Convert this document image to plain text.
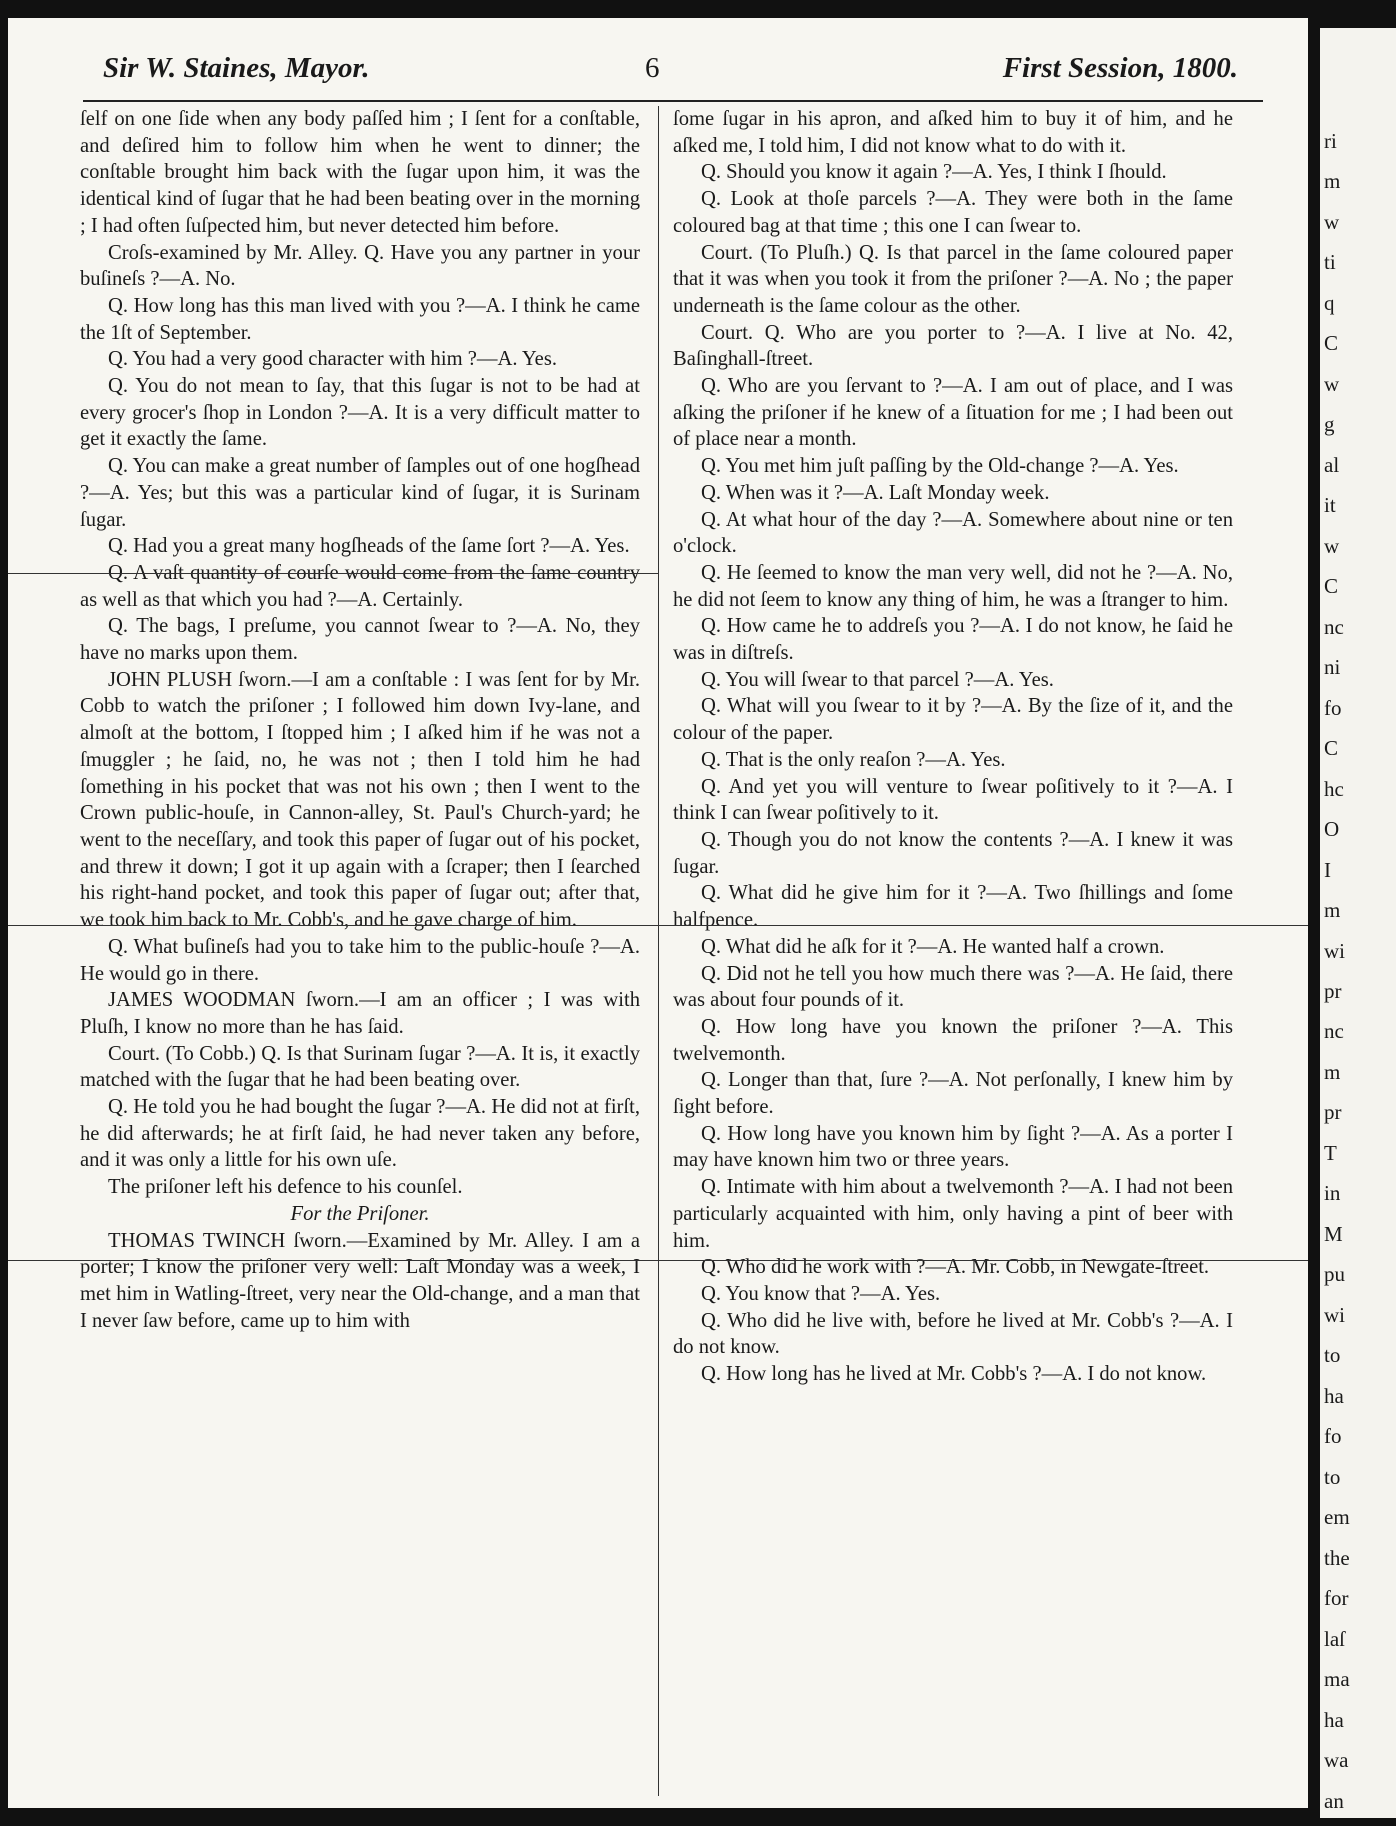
Sir W. Staines, Mayor.	6	First Session, 1800.

ſelf on one ſide when any body paſſed him ; I ſent for a conſtable, and deſired him to follow him when he went to dinner; the conſtable brought him back with the ſugar upon him, it was the identical kind of ſugar that he had been beating over in the morning ; I had often ſuſpected him, but never detected him before.

Croſs-examined by Mr. Alley. Q. Have you any partner in your buſineſs ?—A. No.

Q. How long has this man lived with you ?—A. I think he came the 1ſt of September.

Q. You had a very good character with him ?—A. Yes.

Q. You do not mean to ſay, that this ſugar is not to be had at every grocer's ſhop in London ?—A. It is a very difficult matter to get it exactly the ſame.

Q. You can make a great number of ſamples out of one hogſhead ?—A. Yes; but this was a particular kind of ſugar, it is Surinam ſugar.

Q. Had you a great many hogſheads of the ſame ſort ?—A. Yes.

Q. A vaſt quantity of courſe would come from the ſame country as well as that which you had ?—A. Certainly.

Q. The bags, I preſume, you cannot ſwear to ?—A. No, they have no marks upon them.

JOHN PLUSH ſworn.—I am a conſtable : I was ſent for by Mr. Cobb to watch the priſoner ; I followed him down Ivy-lane, and almoſt at the bottom, I ſtopped him ; I aſked him if he was not a ſmuggler ; he ſaid, no, he was not ; then I told him he had ſomething in his pocket that was not his own ; then I went to the Crown public-houſe, in Cannon-alley, St. Paul's Church-yard; he went to the neceſſary, and took this paper of ſugar out of his pocket, and threw it down; I got it up again with a ſcraper; then I ſearched his right-hand pocket, and took this paper of ſugar out; after that, we took him back to Mr. Cobb's, and he gave charge of him.

Q. What buſineſs had you to take him to the public-houſe ?—A. He would go in there.

JAMES WOODMAN ſworn.—I am an officer ; I was with Pluſh, I know no more than he has ſaid.

Court. (To Cobb.) Q. Is that Surinam ſugar ?—A. It is, it exactly matched with the ſugar that he had been beating over.

Q. He told you he had bought the ſugar ?—A. He did not at firſt, he did afterwards; he at firſt ſaid, he had never taken any before, and it was only a little for his own uſe.

The priſoner left his defence to his counſel.

For the Priſoner.

THOMAS TWINCH ſworn.—Examined by Mr. Alley. I am a porter; I know the priſoner very well: Laſt Monday was a week, I met him in Watling-ſtreet, very near the Old-change, and a man that I never ſaw before, came up to him with

ſome ſugar in his apron, and aſked him to buy it of him, and he aſked me, I told him, I did not know what to do with it.

Q. Should you know it again ?—A. Yes, I think I ſhould.

Q. Look at thoſe parcels ?—A. They were both in the ſame coloured bag at that time ; this one I can ſwear to.

Court. (To Pluſh.) Q. Is that parcel in the ſame coloured paper that it was when you took it from the priſoner ?—A. No ; the paper underneath is the ſame colour as the other.

Court. Q. Who are you porter to ?—A. I live at No. 42, Baſinghall-ſtreet.

Q. Who are you ſervant to ?—A. I am out of place, and I was aſking the priſoner if he knew of a ſituation for me ; I had been out of place near a month.

Q. You met him juſt paſſing by the Old-change ?—A. Yes.

Q. When was it ?—A. Laſt Monday week.

Q. At what hour of the day ?—A. Somewhere about nine or ten o'clock.

Q. He ſeemed to know the man very well, did not he ?—A. No, he did not ſeem to know any thing of him, he was a ſtranger to him.

Q. How came he to addreſs you ?—A. I do not know, he ſaid he was in diſtreſs.

Q. You will ſwear to that parcel ?—A. Yes.

Q. What will you ſwear to it by ?—A. By the ſize of it, and the colour of the paper.

Q. That is the only reaſon ?—A. Yes.

Q. And yet you will venture to ſwear poſitively to it ?—A. I think I can ſwear poſitively to it.

Q. Though you do not know the contents ?—A. I knew it was ſugar.

Q. What did he give him for it ?—A. Two ſhillings and ſome halfpence.

Q. What did he aſk for it ?—A. He wanted half a crown.

Q. Did not he tell you how much there was ?—A. He ſaid, there was about four pounds of it.

Q. How long have you known the priſoner ?—A. This twelvemonth.

Q. Longer than that, ſure ?—A. Not perſonally, I knew him by ſight before.

Q. How long have you known him by ſight ?—A. As a porter I may have known him two or three years.

Q. Intimate with him about a twelvemonth ?—A. I had not been particularly acquainted with him, only having a pint of beer with him.

Q. Who did he work with ?—A. Mr. Cobb, in Newgate-ſtreet.

Q. You know that ?—A. Yes.

Q. Who did he live with, before he lived at Mr. Cobb's ?—A. I do not know.

Q. How long has he lived at Mr. Cobb's ?—A. I do not know.

ri
m
w
ti
q
C
w
g
al
it
w
C
nc
ni
fo
C
hc
O
I
m
wi
pr
nc
m
pr
T
in
M
pu
wi
to
ha
fo
to
em
the
for
laſ
ma
ha
wa
an
